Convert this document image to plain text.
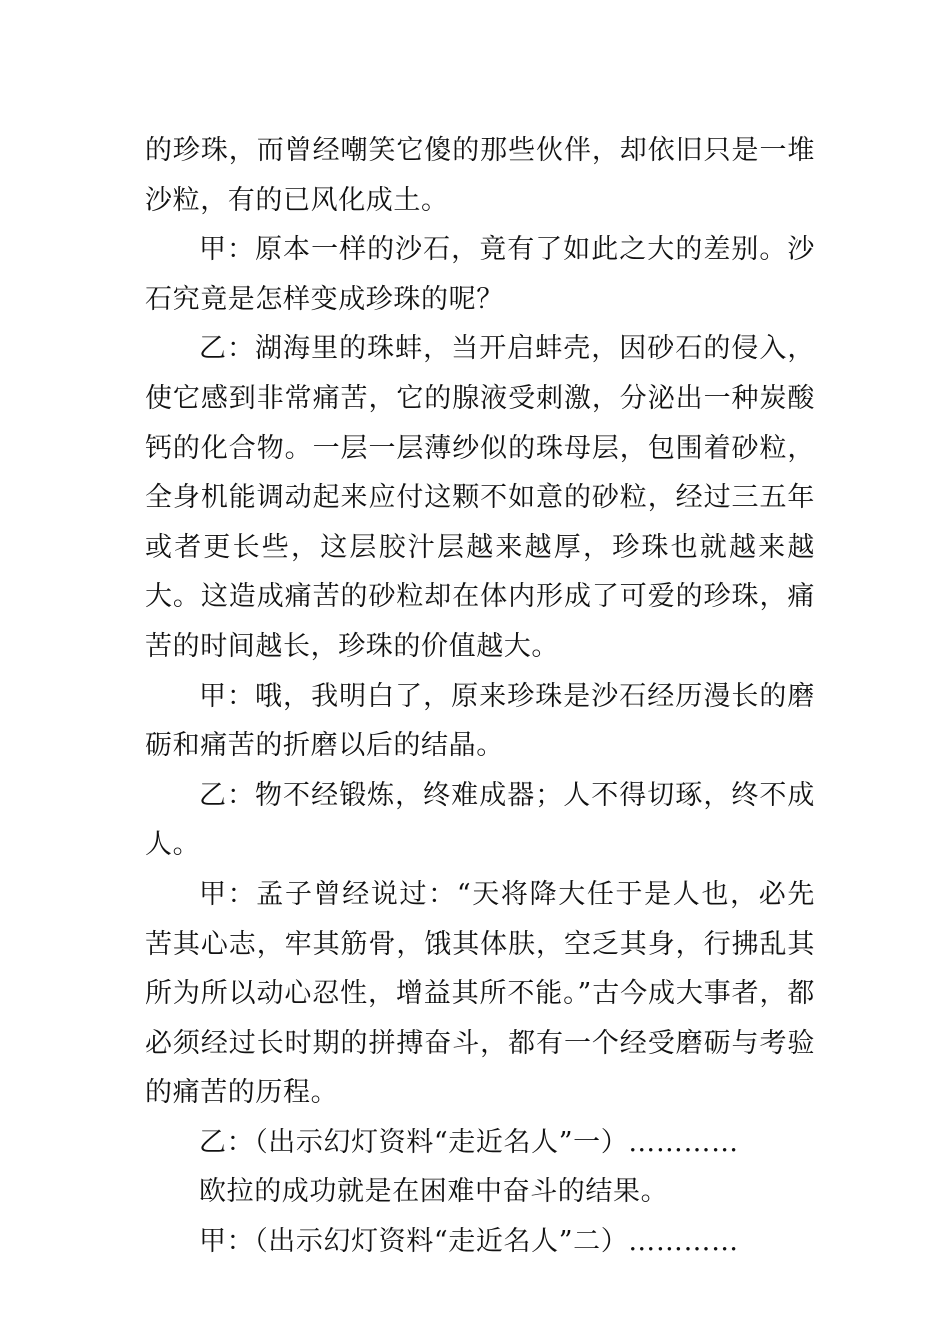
的珍珠，而曾经嘲笑它傻的那些伙伴，却依旧只是一堆沙粒，有的已风化成土。

甲：原本一样的沙石，竟有了如此之大的差别。沙石究竟是怎样变成珍珠的呢？

乙：湖海里的珠蚌，当开启蚌壳，因砂石的侵入，使它感到非常痛苦，它的腺液受刺激，分泌出一种炭酸钙的化合物。一层一层薄纱似的珠母层，包围着砂粒，全身机能调动起来应付这颗不如意的砂粒，经过三五年或者更长些，这层胶汁层越来越厚，珍珠也就越来越大。这造成痛苦的砂粒却在体内形成了可爱的珍珠，痛苦的时间越长，珍珠的价值越大。

甲：哦，我明白了，原来珍珠是沙石经历漫长的磨砺和痛苦的折磨以后的结晶。

乙：物不经锻炼，终难成器；人不得切琢，终不成人。

甲：孟子曾经说过：“天将降大任于是人也，必先苦其心志，牢其筋骨，饿其体肤，空乏其身，行拂乱其所为所以动心忍性，增益其所不能。”古今成大事者，都必须经过长时期的拼搏奋斗，都有一个经受磨砺与考验的痛苦的历程。

乙：（出示幻灯资料“走近名人”一）…………

欧拉的成功就是在困难中奋斗的结果。

甲：（出示幻灯资料“走近名人”二）…………
